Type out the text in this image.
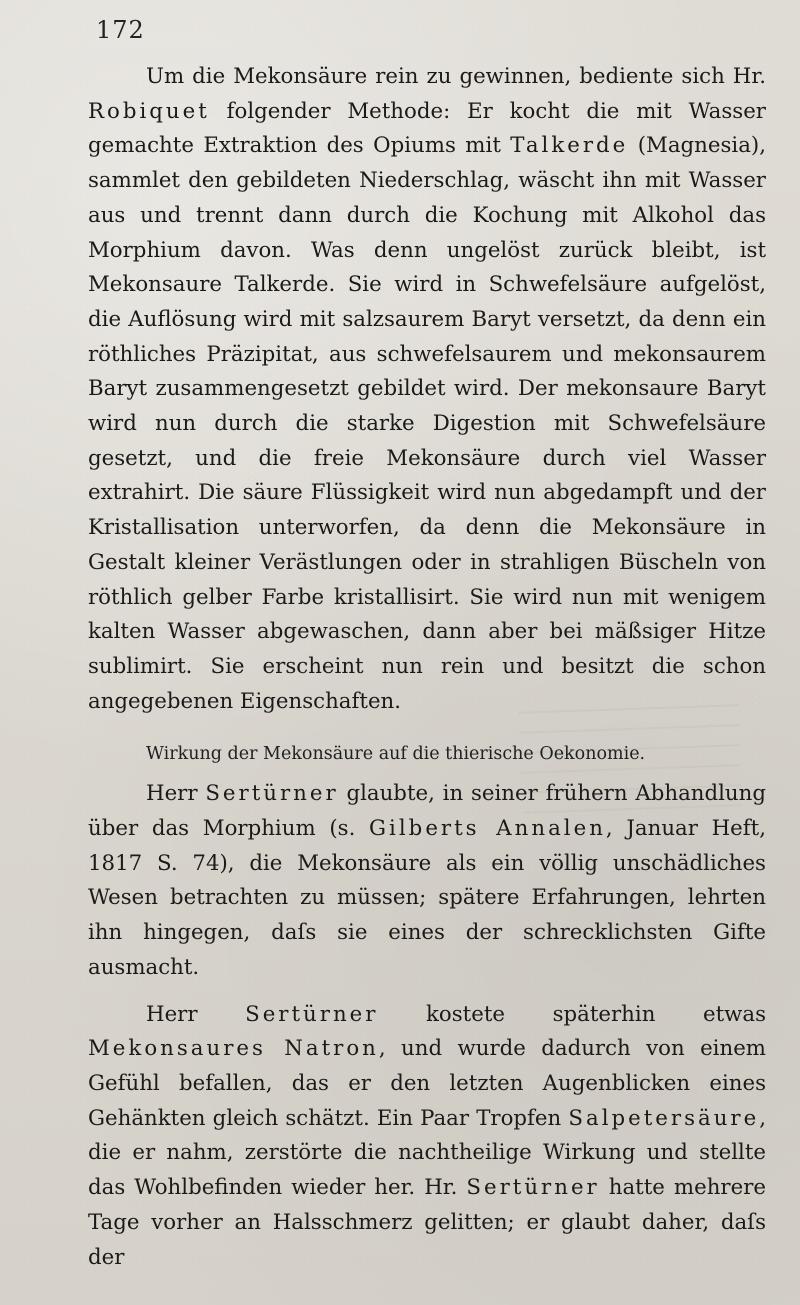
172

Um die Mekonsäure rein zu gewinnen, bediente sich Hr. Robiquet folgender Methode: Er kocht die mit Wasser gemachte Extraktion des Opiums mit Talkerde (Magnesia), sammlet den gebildeten Niederschlag, wäscht ihn mit Wasser aus und trennt dann durch die Kochung mit Alkohol das Morphium davon. Was denn ungelöst zurück bleibt, ist Mekonsaure Talkerde. Sie wird in Schwefelsäure aufgelöst, die Auflösung wird mit salzsaurem Baryt versetzt, da denn ein röthliches Präzipitat, aus schwefelsaurem und mekonsaurem Baryt zusammengesetzt gebildet wird. Der mekonsaure Baryt wird nun durch die starke Digestion mit Schwefelsäure gesetzt, und die freie Mekonsäure durch viel Wasser extrahirt. Die säure Flüssigkeit wird nun abgedampft und der Kristallisation unterworfen, da denn die Mekonsäure in Gestalt kleiner Verästlungen oder in strahligen Büscheln von röthlich gelber Farbe kristallisirt. Sie wird nun mit wenigem kalten Wasser abgewaschen, dann aber bei mäßsiger Hitze sublimirt. Sie erscheint nun rein und besitzt die schon angegebenen Eigenschaften.

Wirkung der Mekonsäure auf die thierische Oekonomie.

Herr Sertürner glaubte, in seiner frühern Abhandlung über das Morphium (s. Gilberts Annalen, Januar Heft, 1817 S. 74), die Mekonsäure als ein völlig unschädliches Wesen betrachten zu müssen; spätere Erfahrungen, lehrten ihn hingegen, daſs sie eines der schrecklichsten Gifte ausmacht.

Herr Sertürner kostete späterhin etwas Mekonsaures Natron, und wurde dadurch von einem Gefühl befallen, das er den letzten Augenblicken eines Gehänkten gleich schätzt. Ein Paar Tropfen Salpetersäure, die er nahm, zerstörte die nachtheilige Wirkung und stellte das Wohlbefinden wieder her. Hr. Sertürner hatte mehrere Tage vorher an Halsschmerz gelitten; er glaubt daher, daſs der
